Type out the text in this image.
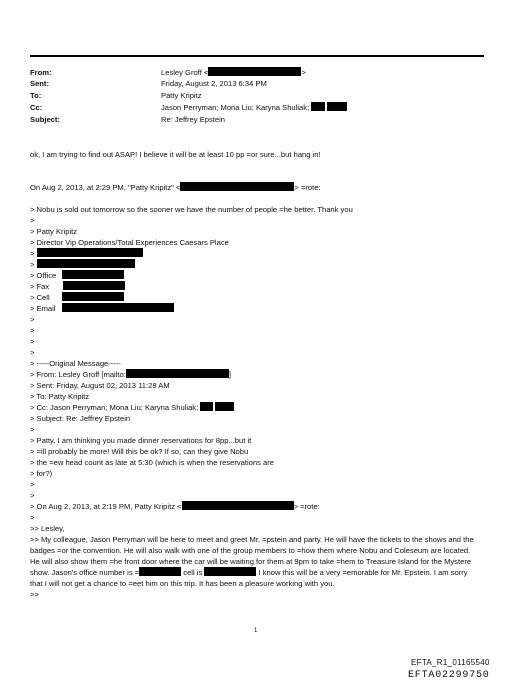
From:	Lesley Groff <	>
Sent:	Friday, August 2, 2013 6:34 PM
To:	Patty Kripitz
Cc:	Jason Perryman; Mona Liu; Karyna Shuliak;
Subject:	Re: Jeffrey Epstein
ok, I am trying to find out ASAP! I believe it will be at least 10 pp =or sure...but hang in!
On Aug 2, 2013, at 2:29 PM, "Patty Kripitz" <	> =rote:
> Nobu is sold out tomorrow so the sooner we have the number of people =he better. Thank you
>
> Patty Kripitz
> Director Vip Operations/Total Experiences Caesars Place
>
>
> Office
> Fax
> Cell
> Email
>
>
>
>
> -----Original Message-----
> From: Lesley Groff [mailto:	]
> Sent: Friday, August 02, 2013 11:28 AM
> To: Patty Kripitz
> Cc: Jason Perryman; Mona Liu; Karyna Shuliak;
> Subject: Re: Jeffrey Epstein
>
> Patty, I am thinking you made dinner reservations for 8pp...but it
> =ill probably be more! Will this be ok? If so, can they give Nobu
> the =ew head count as late at 5:30 (which is when the reservations are
> for?)
>
>
> On Aug 2, 2013, at 2:19 PM, Patty Kripitz <	> =rote:
>
>> Lesley,
>> My colleague, Jason Perryman will be here to meet and greet Mr. =pstein and party. He will have the tickets to the shows and the badges =or the convention. He will also walk with one of the group members to =how them where Nobu and Coleseum are located. He will also show them =he front door where the car will be waiting for them at 9pm to take =hem to Treasure Island for the Mystere show. Jason's office number is =	cell is	I know this will be a very =emorable for Mr. Epstein. I am sorry that I will not get a chance to =eet him on this trip. It has been a pleasure working with you.
>>
1
EFTA_R1_01165540
EFTA02299750
